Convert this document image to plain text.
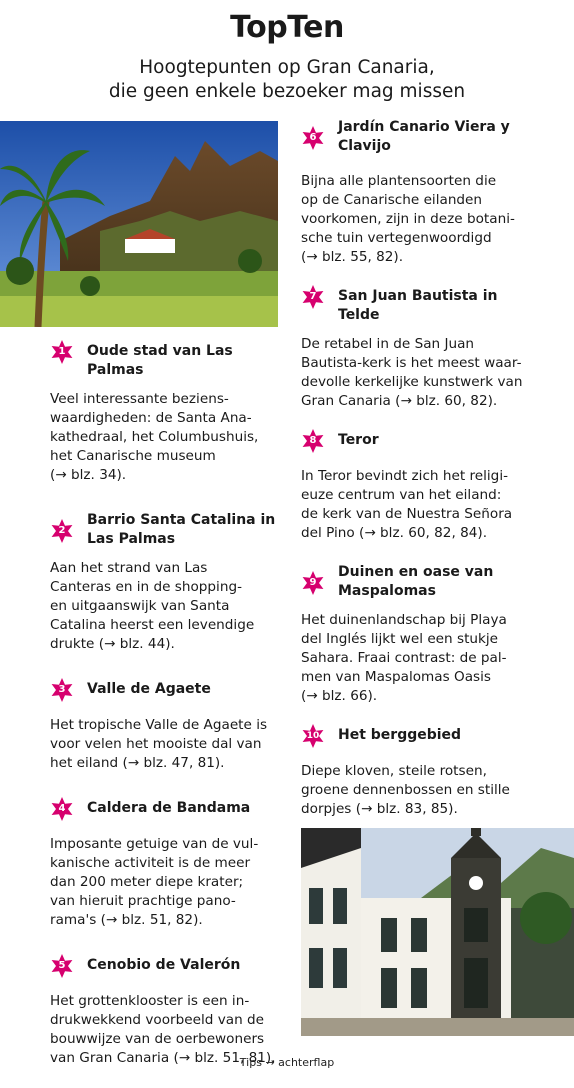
TopTen
Hoogtepunten op Gran Canaria,
die geen enkele bezoeker mag missen
1	Oude stad van Las Palmas
Veel interessante beziens-
waardigheden: de Santa Ana-
kathedraal, het Columbushuis,
het Canarische museum
(→ blz. 34).
2
Barrio Santa Catalina in Las Palmas
Aan het strand van Las
Canteras en in de shopping-
en uitgaanswijk van Santa
Catalina heerst een levendige
drukte (→ blz. 44).
3	Valle de Agaete
Het tropische Valle de Agaete is
voor velen het mooiste dal van
het eiland (→ blz. 47, 81).
4	Caldera de Bandama
Imposante getuige van de vul-
kanische activiteit is de meer
dan 200 meter diepe krater;
van hieruit prachtige pano-
rama's (→ blz. 51, 82).
5	Cenobio de Valerón
Het grottenklooster is een in-
drukwekkend voorbeeld van de
bouwwijze van de oerbewoners
van Gran Canaria (→ blz. 51, 81).
6
Jardín Canario Viera y Clavijo
Bijna alle plantensoorten die
op de Canarische eilanden
voorkomen, zijn in deze botani-
sche tuin vertegenwoordigd
(→ blz. 55, 82).
7	San Juan Bautista in Telde
De retabel in de San Juan
Bautista-kerk is het meest waar-
devolle kerkelijke kunstwerk van
Gran Canaria (→ blz. 60, 82).
8	Teror
In Teror bevindt zich het religi-
euze centrum van het eiland:
de kerk van de Nuestra Señora
del Pino (→ blz. 60, 82, 84).
9
Duinen en oase van Maspalomas
Het duinenlandschap bij Playa
del Inglés lijkt wel een stukje
Sahara. Fraai contrast: de pal-
men van Maspalomas Oasis
(→ blz. 66).
10	Het berggebied
Diepe kloven, steile rotsen,
groene dennenbossen en stille
dorpjes (→ blz. 83, 85).
Tips → achterflap
